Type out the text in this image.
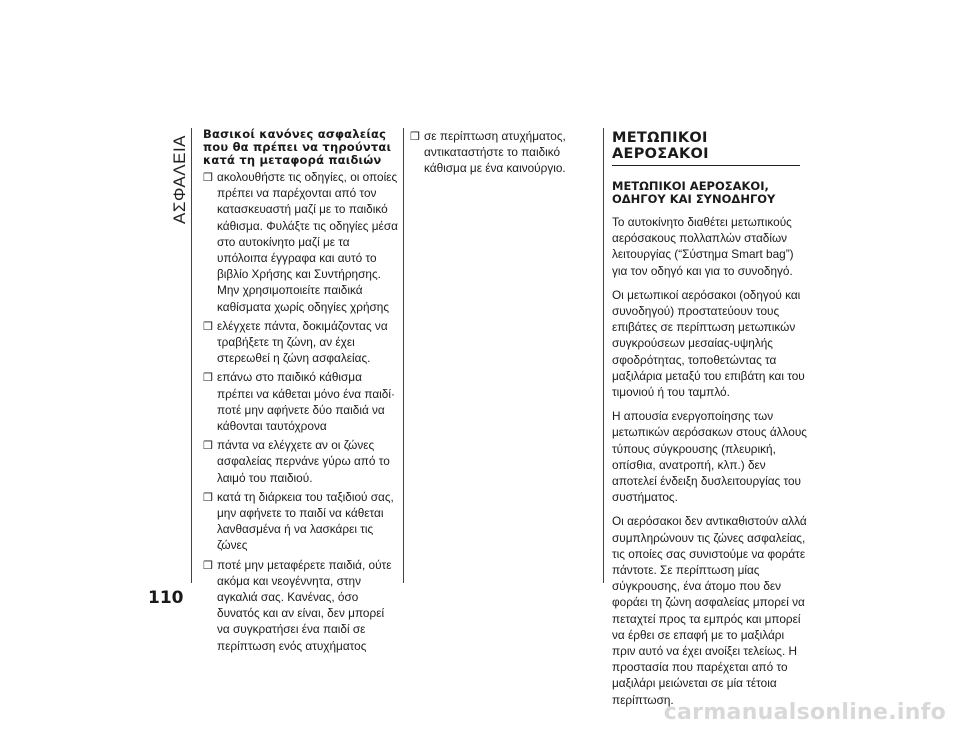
ΑΣΦΑΛΕΙΑ
Βασικοί κανόνες ασφαλείας που θα πρέπει να τηρούνται κατά τη μεταφορά παιδιών
❒ ακολουθήστε τις οδηγίες, οι οποίες πρέπει να παρέχονται από τον κατασκευαστή μαζί με το παιδικό κάθισμα. Φυλάξτε τις οδηγίες μέσα στο αυτοκίνητο μαζί με τα υπόλοιπα έγγραφα και αυτό το βιβλίο Χρήσης και Συντήρησης. Μην χρησιμοποιείτε παιδικά καθίσματα χωρίς οδηγίες χρήσης
❒ ελέγχετε πάντα, δοκιμάζοντας να τραβήξετε τη ζώνη, αν έχει στερεωθεί η ζώνη ασφαλείας.
❒ επάνω στο παιδικό κάθισμα πρέπει να κάθεται μόνο ένα παιδί· ποτέ μην αφήνετε δύο παιδιά να κάθονται ταυτόχρονα
❒ πάντα να ελέγχετε αν οι ζώνες ασφαλείας περνάνε γύρω από το λαιμό του παιδιού.
❒ κατά τη διάρκεια του ταξιδιού σας, μην αφήνετε το παιδί να κάθεται λανθασμένα ή να λασκάρει τις ζώνες
❒ ποτέ μην μεταφέρετε παιδιά, ούτε ακόμα και νεογέννητα, στην αγκαλιά σας. Κανένας, όσο δυνατός και αν είναι, δεν μπορεί να συγκρατήσει ένα παιδί σε περίπτωση ενός ατυχήματος
❒ σε περίπτωση ατυχήματος, αντικαταστήστε το παιδικό κάθισμα με ένα καινούργιο.
ΜΕΤΩΠΙΚΟΙ ΑΕΡΟΣΑΚΟΙ
ΜΕΤΩΠΙΚΟΙ ΑΕΡΟΣΑΚΟΙ, ΟΔΗΓΟΥ ΚΑΙ ΣΥΝΟΔΗΓΟΥ

Το αυτοκίνητο διαθέτει μετωπικούς αερόσακους πολλαπλών σταδίων λειτουργίας (“Σύστημα Smart bag”) για τον οδηγό και για το συνοδηγό.

Οι μετωπικοί αερόσακοι (οδηγού και συνοδηγού) προστατεύουν τους επιβάτες σε περίπτωση μετωπικών συγκρούσεων μεσαίας-υψηλής σφοδρότητας, τοποθετώντας τα μαξιλάρια μεταξύ του επιβάτη και του τιμονιού ή του ταμπλό.

Η απουσία ενεργοποίησης των μετωπικών αερόσακων στους άλλους τύπους σύγκρουσης (πλευρική, οπίσθια, ανατροπή, κλπ.) δεν αποτελεί ένδειξη δυσλειτουργίας του συστήματος.

Οι αερόσακοι δεν αντικαθιστούν αλλά συμπληρώνουν τις ζώνες ασφαλείας, τις οποίες σας συνιστούμε να φοράτε πάντοτε. Σε περίπτωση μίας σύγκρουσης, ένα άτομο που δεν φοράει τη ζώνη ασφαλείας μπορεί να πεταχτεί προς τα εμπρός και μπορεί να έρθει σε επαφή με το μαξιλάρι πριν αυτό να έχει ανοίξει τελείως. Η προστασία που παρέχεται από το μαξιλάρι μειώνεται σε μία τέτοια περίπτωση.

110
carmanualsonline.info
